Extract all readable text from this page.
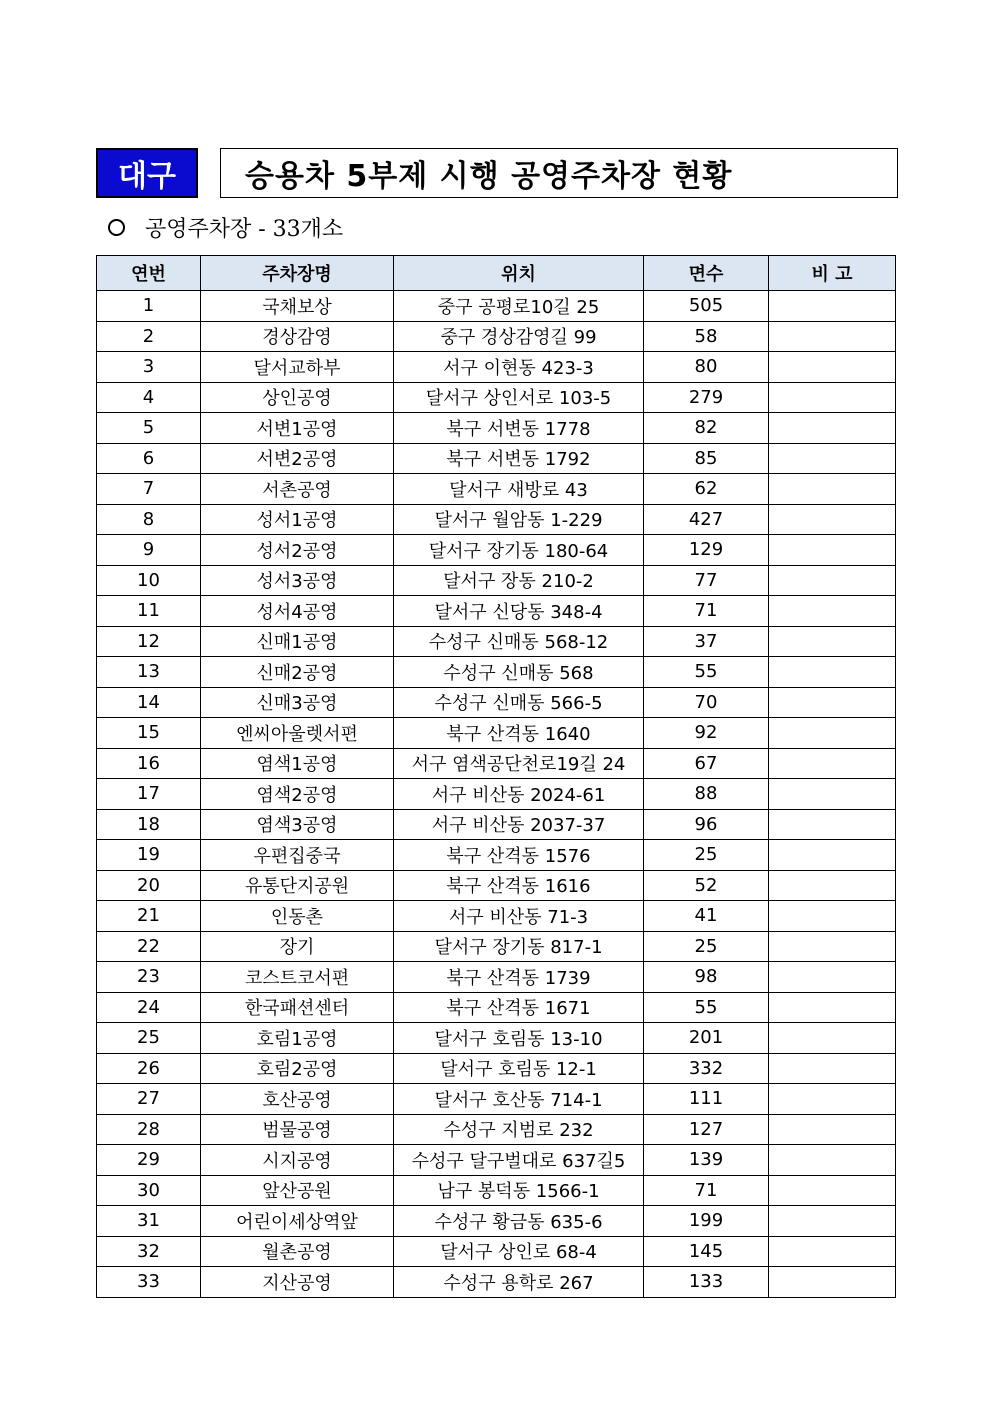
대구	승용차 5부제 시행 공영주차장 현황
공영주차장 - 33개소
연번	주차장명	위치	면수	비 고
1	국채보상	중구 공평로10길 25	505	
2	경상감영	중구 경상감영길 99	58	
3	달서교하부	서구 이현동 423-3	80	
4	상인공영	달서구 상인서로 103-5	279	
5	서변1공영	북구 서변동 1778	82	
6	서변2공영	북구 서변동 1792	85	
7	서촌공영	달서구 새방로 43	62	
8	성서1공영	달서구 월암동 1-229	427	
9	성서2공영	달서구 장기동 180-64	129	
10	성서3공영	달서구 장동 210-2	77	
11	성서4공영	달서구 신당동 348-4	71	
12	신매1공영	수성구 신매동 568-12	37	
13	신매2공영	수성구 신매동 568	55	
14	신매3공영	수성구 신매동 566-5	70	
15	엔씨아울렛서편	북구 산격동 1640	92	
16	염색1공영	서구 염색공단천로19길 24	67	
17	염색2공영	서구 비산동 2024-61	88	
18	염색3공영	서구 비산동 2037-37	96	
19	우편집중국	북구 산격동 1576	25	
20	유통단지공원	북구 산격동 1616	52	
21	인동촌	서구 비산동 71-3	41	
22	장기	달서구 장기동 817-1	25	
23	코스트코서편	북구 산격동 1739	98	
24	한국패션센터	북구 산격동 1671	55	
25	호림1공영	달서구 호림동 13-10	201	
26	호림2공영	달서구 호림동 12-1	332	
27	호산공영	달서구 호산동 714-1	111	
28	범물공영	수성구 지범로 232	127	
29	시지공영	수성구 달구벌대로 637길5	139	
30	앞산공원	남구 봉덕동 1566-1	71	
31	어린이세상역앞	수성구 황금동 635-6	199	
32	월촌공영	달서구 상인로 68-4	145	
33	지산공영	수성구 용학로 267	133	
